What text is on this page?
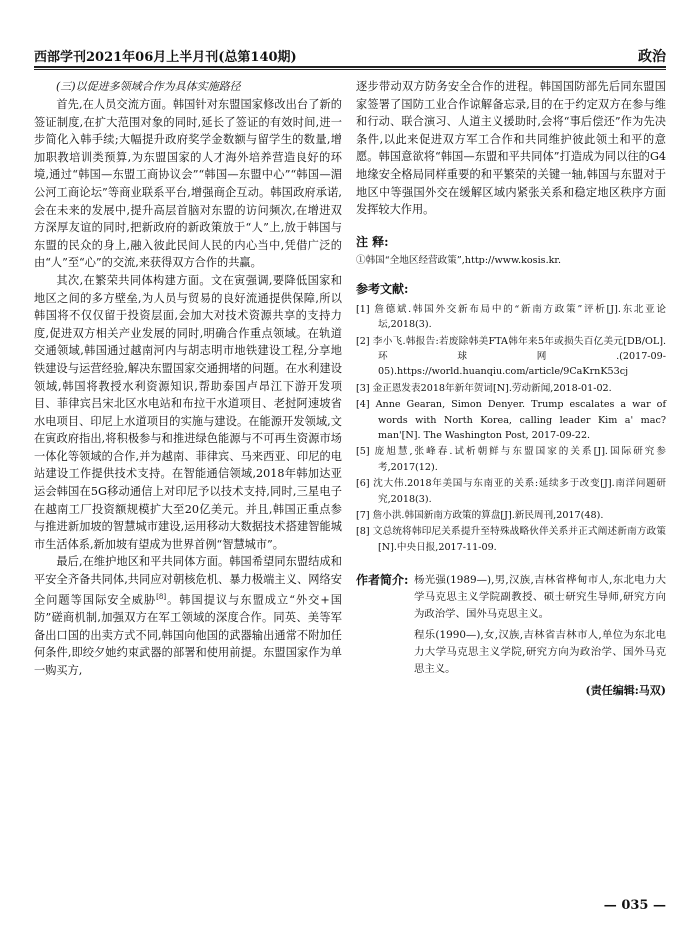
西部学刊2021年06月上半月刊(总第140期)	政治

(三)以促进多领域合作为具体实施路径

首先,在人员交流方面。韩国针对东盟国家修改出台了新的签证制度,在扩大范围对象的同时,延长了签证的有效时间,进一步简化入韩手续;大幅提升政府奖学金数额与留学生的数量,增加职教培训类预算,为东盟国家的人才海外培养营造良好的环境,通过“韩国—东盟工商协议会”“韩国—东盟中心”“韩国—湄公河工商论坛”等商业联系平台,增强商企互动。韩国政府承诺,会在未来的发展中,提升高层首脑对东盟的访问频次,在增进双方深厚友谊的同时,把新政府的新政策放于“人”上,放于韩国与东盟的民众的身上,融入彼此民间人民的内心当中,凭借广泛的由“人”至“心”的交流,来获得双方合作的共赢。

其次,在繁荣共同体构建方面。文在寅强调,要降低国家和地区之间的多方壁垒,为人员与贸易的良好流通提供保障,所以韩国将不仅仅留于投资层面,会加大对技术资源共享的支持力度,促进双方相关产业发展的同时,明确合作重点领域。在轨道交通领域,韩国通过越南河内与胡志明市地铁建设工程,分享地铁建设与运营经验,解决东盟国家交通拥堵的问题。在水利建设领域,韩国将教授水利资源知识,帮助泰国卢昂江下游开发项目、菲律宾吕宋北区水电站和布拉干水道项目、老挝阿速坡省水电项目、印尼上水道项目的实施与建设。在能源开发领域,文在寅政府指出,将积极参与和推进绿色能源与不可再生资源市场一体化等领域的合作,并为越南、菲律宾、马来西亚、印尼的电站建设工作提供技术支持。在智能通信领域,2018年韩加达亚运会韩国在5G移动通信上对印尼予以技术支持,同时,三星电子在越南工厂投资额规模扩大至20亿美元。并且,韩国正重点参与推进新加坡的智慧城市建设,运用移动大数据技术搭建智能城市生活体系,新加坡有望成为世界首例“智慧城市”。

最后,在维护地区和平共同体方面。韩国希望同东盟结成和平安全齐备共同体,共同应对朝核危机、暴力极端主义、网络安全问题等国际安全威胁[8]。韩国提议与东盟成立“外交+国防”磋商机制,加强双方在军工领域的深度合作。同英、美等军备出口国的出卖方式不同,韩国向他国的武器输出通常不附加任何条件,即绞夕她约束武器的部署和使用前提。东盟国家作为单一购买方,

逐步带动双方防务安全合作的进程。韩国国防部先后同东盟国家签署了国防工业合作谅解备忘录,目的在于约定双方在参与维和行动、联合演习、人道主义援助时,会将“事后偿还”作为先决条件,以此来促进双方军工合作和共同维护彼此领土和平的意愿。韩国意欲将“韩国—东盟和平共同体”打造成为同以往的G4地缘安全格局同样重要的和平繁荣的关键一轴,韩国与东盟对于地区中等强国外交在缓解区域内紧张关系和稳定地区秩序方面发挥较大作用。

注 释:

①韩国“全地区经营政策”,http://www.kosis.kr.

参考文献:

[1] 詹德斌.韩国外交新布局中的“新南方政策”评析[J].东北亚论坛,2018(3).
[2] 李小飞.韩报告:若废除韩美FTA韩年来5年或损失百亿美元[DB/OL].环球网.(2017-09-05).https://world.huanqiu.com/article/9CaKrnK53cj
[3] 金正恩发表2018年新年贺词[N].劳动新闻,2018-01-02.
[4] Anne Gearan, Simon Denyer. Trump escalates a war of words with North Korea, calling leader Kim a' mac? man'[N]. The Washington Post, 2017-09-22.
[5] 庞旭慧,张峰春.试析朝鲜与东盟国家的关系[J].国际研究参考,2017(12).
[6] 沈大伟.2018年美国与东南亚的关系:延续多于改变[J].南洋问题研究,2018(3).
[7] 詹小洪.韩国新南方政策的算盘[J].新民周刊,2017(48).
[8] 文总统将韩印尼关系提升至特殊战略伙伴关系并正式阐述新南方政策[N].中央日报,2017-11-09.
作者简介: 杨光强(1989—),男,汉族,吉林省桦甸市人,东北电力大学马克思主义学院副教授、硕士研究生导师,研究方向为政治学、国外马克思主义。

程乐(1990—),女,汉族,吉林省吉林市人,单位为东北电力大学马克思主义学院,研究方向为政治学、国外马克思主义。

(责任编辑:马双)
— 035 —
